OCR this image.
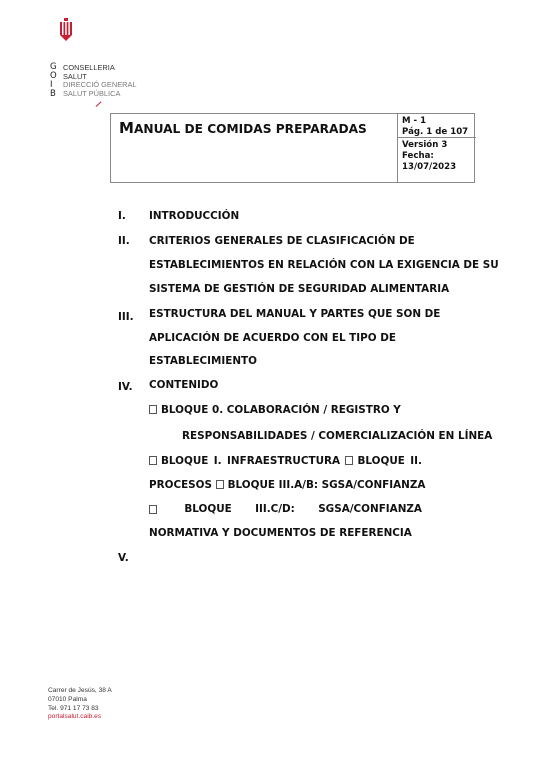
G
O
I
B
CONSELLERIA
SALUT
DIRECCIÓ GENERAL
SALUT PÚBLICA
MANUAL DE COMIDAS PREPARADAS
M - 1
Pág. 1 de 107
Versión 3
Fecha:
13/07/2023
I. INTRODUCCIÓN
II. CRITERIOS GENERALES DE CLASIFICACIÓN DE
ESTABLECIMIENTOS EN RELACIÓN CON LA EXIGENCIA DE SU
SISTEMA DE GESTIÓN DE SEGURIDAD ALIMENTARIA
III. ESTRUCTURA DEL MANUAL Y PARTES QUE SON DE
APLICACIÓN DE ACUERDO CON EL TIPO DE
ESTABLECIMIENTO
IV. CONTENIDO
BLOQUE 0. COLABORACIÓN / REGISTRO Y
RESPONSABILIDADES / COMERCIALIZACIÓN EN LÍNEA
BLOQUE I. INFRAESTRUCTURA	BLOQUE II.
PROCESOS BLOQUE III.A/B: SGSA/CONFIANZA
BLOQUE III.C/D: SGSA/CONFIANZA
NORMATIVA Y DOCUMENTOS DE REFERENCIA
V.
Carrer de Jesús, 38 A
07010 Palma
Tel. 971 17 73 83
portalsalut.caib.es
